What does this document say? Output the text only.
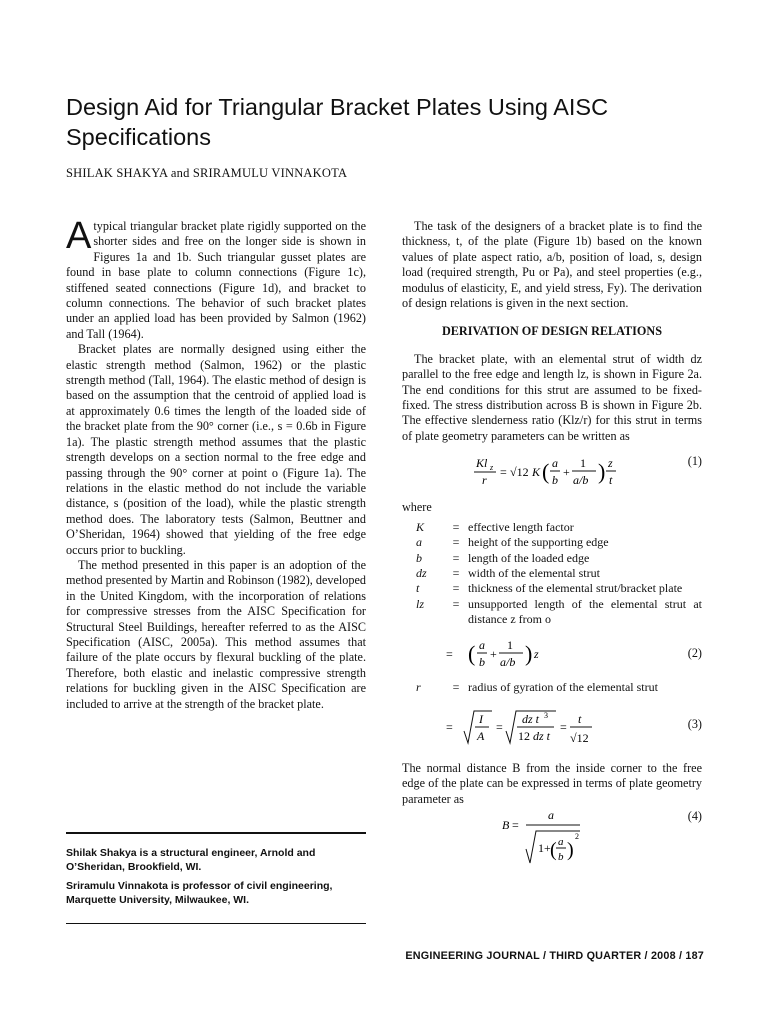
Design Aid for Triangular Bracket Plates Using AISC Specifications
SHILAK SHAKYA and SRIRAMULU VINNAKOTA

Atypical triangular bracket plate rigidly supported on the shorter sides and free on the longer side is shown in Figures 1a and 1b. Such triangular gusset plates are found in base plate to column connections (Figure 1c), stiffened seated connections (Figure 1d), and bracket to column connections. The behavior of such bracket plates under an applied load has been provided by Salmon (1962) and Tall (1964).

Bracket plates are normally designed using either the elastic strength method (Salmon, 1962) or the plastic strength method (Tall, 1964). The elastic method of design is based on the assumption that the centroid of applied load is at approximately 0.6 times the length of the loaded side of the bracket plate from the 90° corner (i.e., s = 0.6b in Figure 1a). The plastic strength method assumes that the plastic strength develops on a section normal to the free edge and passing through the 90° corner at point o (Figure 1a). The relations in the elastic method do not include the variable distance, s (position of the load), while the plastic strength method does. The laboratory tests (Salmon, Beuttner and O’Sheridan, 1964) showed that yielding of the free edge occurs prior to buckling.

The method presented in this paper is an adoption of the method presented by Martin and Robinson (1982), developed in the United Kingdom, with the incorporation of relations for compressive stresses from the AISC Specification for Structural Steel Buildings, hereafter referred to as the AISC Specification (AISC, 2005a). This method assumes that failure of the plate occurs by flexural buckling of the plate. Therefore, both elastic and inelastic compressive strength relations for buckling given in the AISC Specification are included to arrive at the strength of the bracket plate.

Shilak Shakya is a structural engineer, Arnold and O’Sheridan, Brookfield, WI.

Sriramulu Vinnakota is professor of civil engineering, Marquette University, Milwaukee, WI.

The task of the designers of a bracket plate is to find the thickness, t, of the plate (Figure 1b) based on the known values of plate aspect ratio, a/b, position of load, s, design load (required strength, Pu or Pa), and steel properties (e.g., modulus of elasticity, E, and yield stress, Fy). The derivation of design relations is given in the next section.

DERIVATION OF DESIGN RELATIONS

The bracket plate, with an elemental strut of width dz parallel to the free edge and length lz, is shown in Figure 2a. The end conditions for this strut are assumed to be fixed-fixed. The stress distribution across B is shown in Figure 2b. The effective slenderness ratio (Klz/r) for this strut in terms of plate geometry parameters can be written as

Kl z
r
= √12 K ( a
b
+
1
a/b ) z
t
(1)

where

K	=	effective length factor
a	=	height of the supporting edge
b	=	length of the loaded edge
dz	=	width of the elemental strut
t	=	thickness of the elemental strut/bracket plate
lz	=	unsupported length of the elemental strut at distance z from o
= ( a
b
+
1
a/b ) z	(2)
r	=	radius of gyration of the elemental strut
=
I
A
=
dz t 3
12 dz t
=
t
√12
(3)

The normal distance B from the inside corner to the free edge of the plate can be expressed in terms of plate geometry parameter as

B =
a
1+ ( a
b )
2
(4)
ENGINEERING JOURNAL / THIRD QUARTER / 2008 / 187
